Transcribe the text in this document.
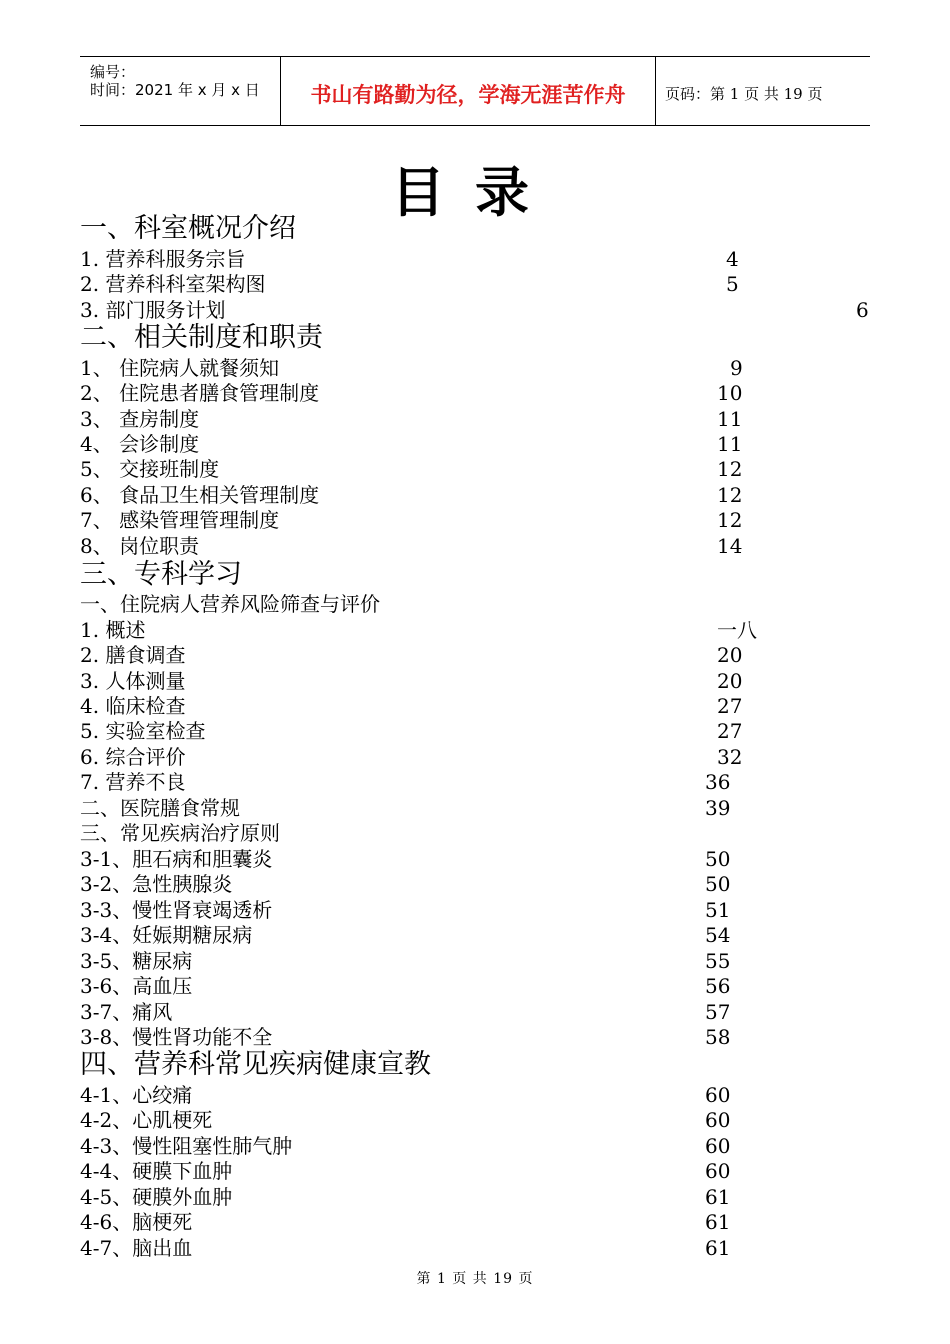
编号：
时间：2021 年 x 月 x 日	书山有路勤为径，学海无涯苦作舟	页码：第 1 页 共 19 页
目录
一、科室概况介绍
二、相关制度和职责
三、专科学习
四、营养科常见疾病健康宣教
1. 营养科服务宗旨	4
2. 营养科科室架构图	5
3. 部门服务计划	6
1、 住院病人就餐须知	9
2、 住院患者膳食管理制度	10
3、 查房制度	11
4、 会诊制度	11
5、 交接班制度	12
6、 食品卫生相关管理制度	12
7、 感染管理管理制度	12
8、 岗位职责	14
一、住院病人营养风险筛查与评价
1. 概述	一八
2. 膳食调查	20
3. 人体测量	20
4. 临床检查	27
5. 实验室检查	27
6. 综合评价	32
7. 营养不良	36
二、医院膳食常规	39
三、常见疾病治疗原则
3-1、胆石病和胆囊炎	50
3-2、急性胰腺炎	50
3-3、慢性肾衰竭透析	51
3-4、妊娠期糖尿病	54
3-5、糖尿病	55
3-6、高血压	56
3-7、痛风	57
3-8、慢性肾功能不全	58
4-1、心绞痛	60
4-2、心肌梗死	60
4-3、慢性阻塞性肺气肿	60
4-4、硬膜下血肿	60
4-5、硬膜外血肿	61
4-6、脑梗死	61
4-7、脑出血	61
第 1 页 共 19 页
